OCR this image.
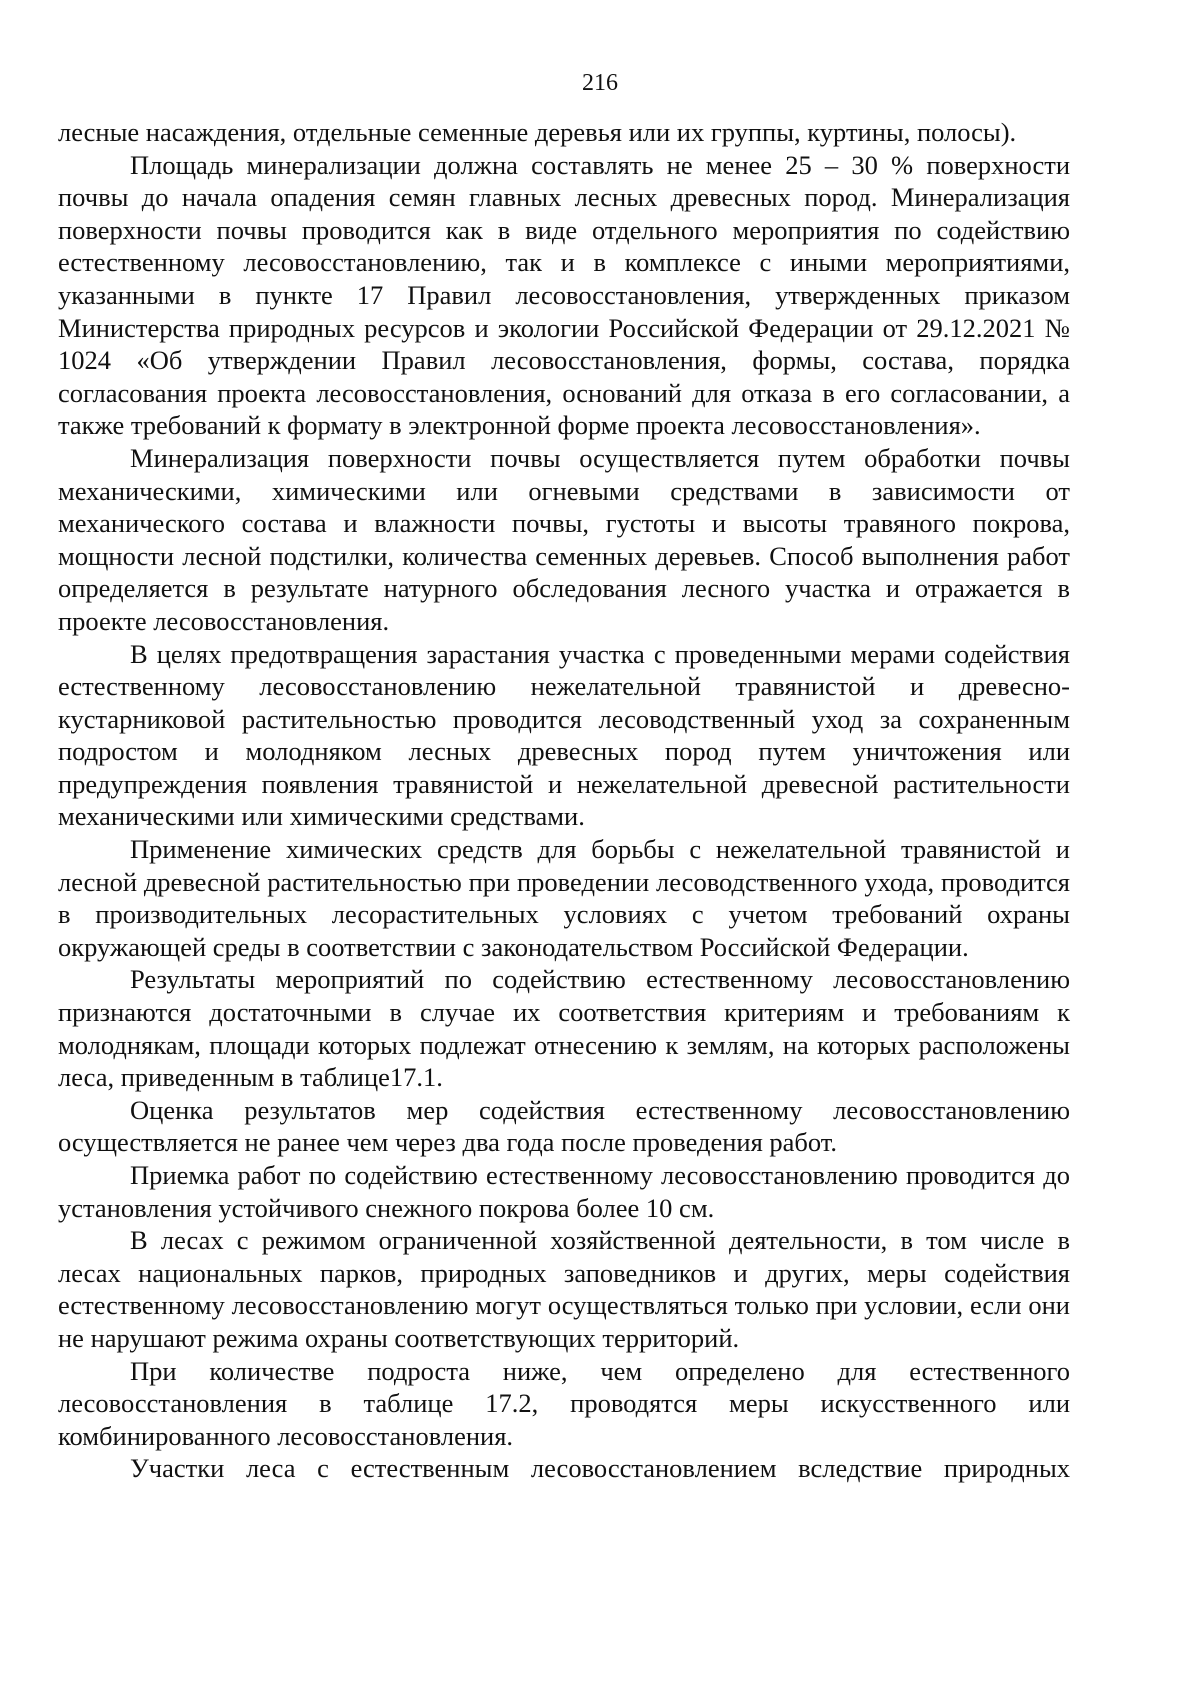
216

лесные насаждения, отдельные семенные деревья или их группы, куртины, полосы).

Площадь минерализации должна составлять не менее 25 – 30 % поверхности почвы до начала опадения семян главных лесных древесных пород. Минерализация поверхности почвы проводится как в виде отдельного мероприятия по содействию естественному лесовосстановлению, так и в комплексе с иными мероприятиями, указанными в пункте 17 Правил лесовосстановления, утвержденных приказом Министерства природных ресурсов и экологии Российской Федерации от 29.12.2021 № 1024 «Об утверждении Правил лесовосстановления, формы, состава, порядка согласования проекта лесовосстановления, оснований для отказа в его согласовании, а также требований к формату в электронной форме проекта лесовосстановления».

Минерализация поверхности почвы осуществляется путем обработки почвы механическими, химическими или огневыми средствами в зависимости от механического состава и влажности почвы, густоты и высоты травяного покрова, мощности лесной подстилки, количества семенных деревьев. Способ выполнения работ определяется в результате натурного обследования лесного участка и отражается в проекте лесовосстановления.

В целях предотвращения зарастания участка с проведенными мерами содействия естественному лесовосстановлению нежелательной травянистой и древесно-кустарниковой растительностью проводится лесоводственный уход за сохраненным подростом и молодняком лесных древесных пород путем уничтожения или предупреждения появления травянистой и нежелательной древесной растительности механическими или химическими средствами.

Применение химических средств для борьбы с нежелательной травянистой и лесной древесной растительностью при проведении лесоводственного ухода, проводится в производительных лесорастительных условиях с учетом требований охраны окружающей среды в соответствии с законодательством Российской Федерации.

Результаты мероприятий по содействию естественному лесовосстановлению признаются достаточными в случае их соответствия критериям и требованиям к молоднякам, площади которых подлежат отнесению к землям, на которых расположены леса, приведенным в таблице17.1.

Оценка результатов мер содействия естественному лесовосстановлению осуществляется не ранее чем через два года после проведения работ.

Приемка работ по содействию естественному лесовосстановлению проводится до установления устойчивого снежного покрова более 10 см.

В лесах с режимом ограниченной хозяйственной деятельности, в том числе в лесах национальных парков, природных заповедников и других, меры содействия естественному лесовосстановлению могут осуществляться только при условии, если они не нарушают режима охраны соответствующих территорий.

При количестве подроста ниже, чем определено для естественного лесовосстановления в таблице 17.2, проводятся меры искусственного или комбинированного лесовосстановления.

Участки леса с естественным лесовосстановлением вследствие природных
